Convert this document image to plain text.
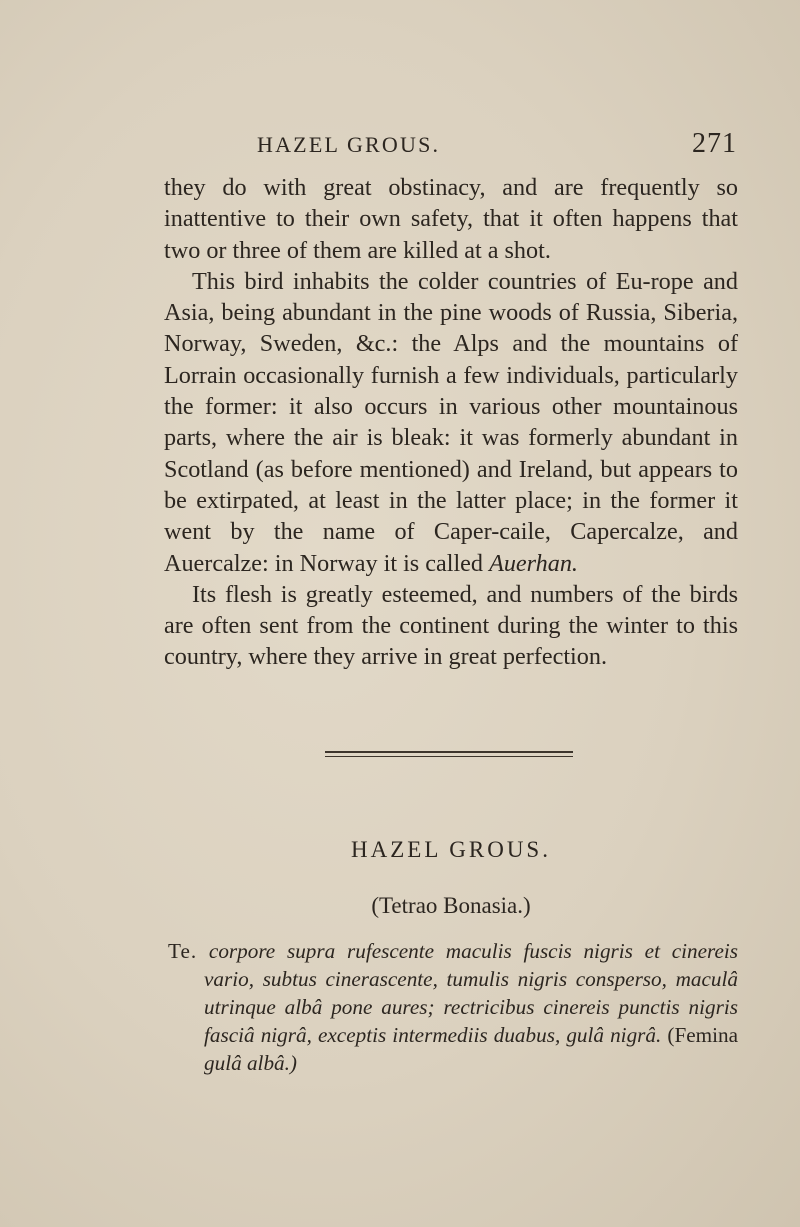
HAZEL GROUS.	271

they do with great obstinacy, and are frequently so inattentive to their own safety, that it often happens that two or three of them are killed at a shot.

This bird inhabits the colder countries of Eu-rope and Asia, being abundant in the pine woods of Russia, Siberia, Norway, Sweden, &c.: the Alps and the mountains of Lorrain occasionally furnish a few individuals, particularly the former: it also occurs in various other mountainous parts, where the air is bleak: it was formerly abundant in Scotland (as before mentioned) and Ireland, but appears to be extirpated, at least in the latter place; in the former it went by the name of Caper-caile, Capercalze, and Auercalze: in Norway it is called Auerhan.

Its flesh is greatly esteemed, and numbers of the birds are often sent from the continent during the winter to this country, where they arrive in great perfection.

HAZEL GROUS.
(Tetrao Bonasia.)
Te. corpore supra rufescente maculis fuscis nigris et cinereis vario, subtus cinerascente, tumulis nigris consperso, maculâ utrinque albâ pone aures; rectricibus cinereis punctis nigris fasciâ nigrâ, exceptis intermediis duabus, gulâ nigrâ. (Femina gulâ albâ.)
